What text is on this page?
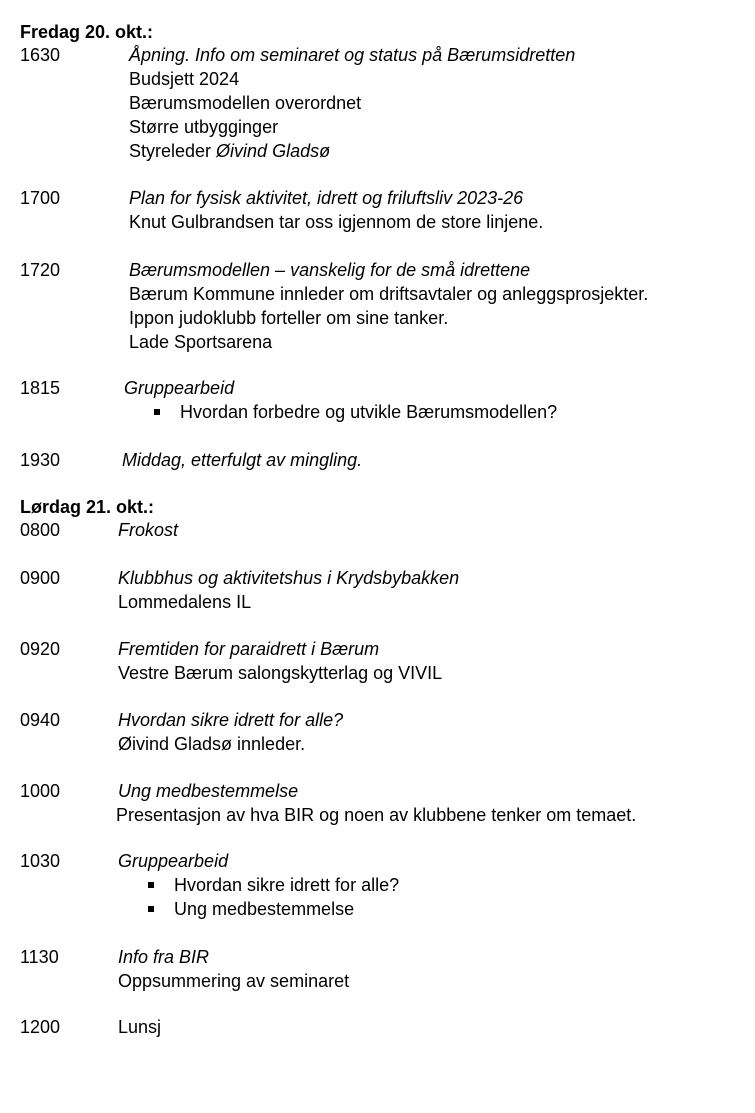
Fredag 20. okt.:

1630	Åpning. Info om seminaret og status på Bærumsidretten
Budsjett 2024
Bærumsmodellen overordnet
Større utbygginger
Styreleder Øivind Gladsø

1700	Plan for fysisk aktivitet, idrett og friluftsliv 2023-26
Knut Gulbrandsen tar oss igjennom de store linjene.

1720	Bærumsmodellen – vanskelig for de små idrettene
Bærum Kommune innleder om driftsavtaler og anleggsprosjekter.
Ippon judoklubb forteller om sine tanker.
Lade Sportsarena

1815	Gruppearbeid
Hvordan forbedre og utvikle Bærumsmodellen?

1930	Middag, etterfulgt av mingling.

Lørdag 21. okt.:

0800	Frokost

0900	Klubbhus og aktivitetshus i Krydsbybakken
Lommedalens IL

0920	Fremtiden for paraidrett i Bærum
Vestre Bærum salongskytterlag og VIVIL

0940	Hvordan sikre idrett for alle?
Øivind Gladsø innleder.

1000	Ung medbestemmelse
Presentasjon av hva BIR og noen av klubbene tenker om temaet.

1030	Gruppearbeid
Hvordan sikre idrett for alle?
Ung medbestemmelse

1130	Info fra BIR
Oppsummering av seminaret

1200	Lunsj
